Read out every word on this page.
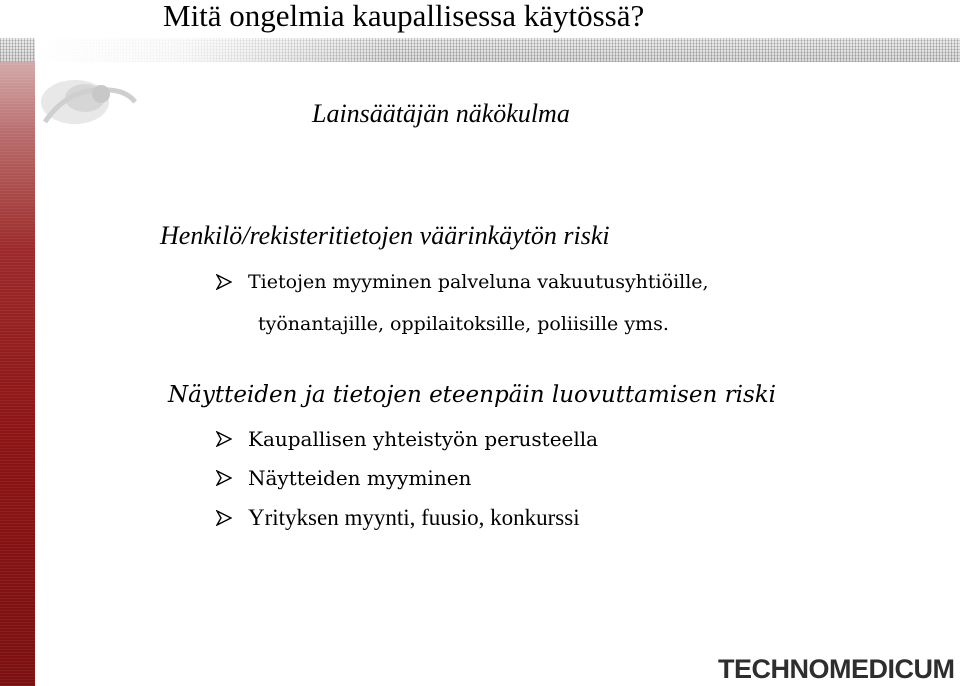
Mitä ongelmia kaupallisessa käytössä?
Lainsäätäjän näkökulma
Henkilö/rekisteritietojen väärinkäytön riski
Tietojen myyminen palveluna vakuutusyhtiöille,
työnantajille, oppilaitoksille, poliisille yms.
Näytteiden ja tietojen eteenpäin luovuttamisen riski
Kaupallisen yhteistyön perusteella
Näytteiden myyminen
Yrityksen myynti, fuusio, konkurssi
TECHNOMEDICUM
